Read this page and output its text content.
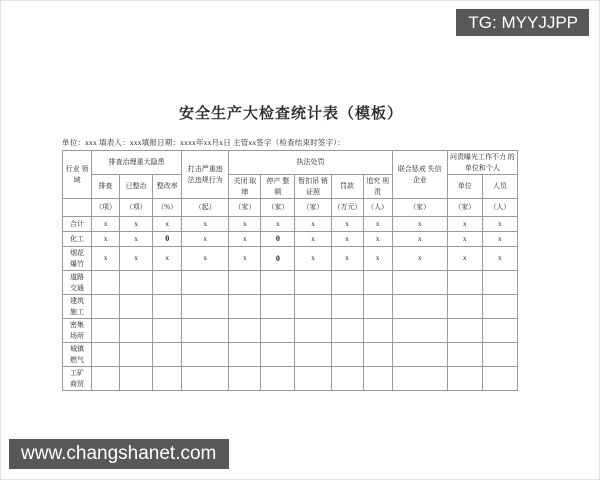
TG: MYYJJPP
安全生产大检查统计表（模板）
单位：xxx 填表人：xxx填报日期：xxxx年xx月x日 主管xx签字（检查结束时签字）：
行业 领域	排查治理重大隐患			打击严重违 法违规行为	执法处罚					联合惩戒 失信企业	问责曝光工作不力 的单位和个人	
	排查	已整治	整改率		关闭 取缔	停产 整顿	暂扣吊 销证照	罚款	追究 刑责		单位	人员
	（项）	（项）	（%）	（起）	（家）	（家）	（家）	（万元）	（人）	（家）	（家）	（人）
合计	x	x	x	x	x	x	x	x	x	x	x	x
化工	x	x	0	x	x	0	x	x	x	x	x	x
烟花 爆竹	x	x	x	x	x	0	x	x	x	x	x	x
道路 交通												
建筑 施工												
密集 场所												
城镇 燃气												
工矿 商贸												
www.changshanet.com
